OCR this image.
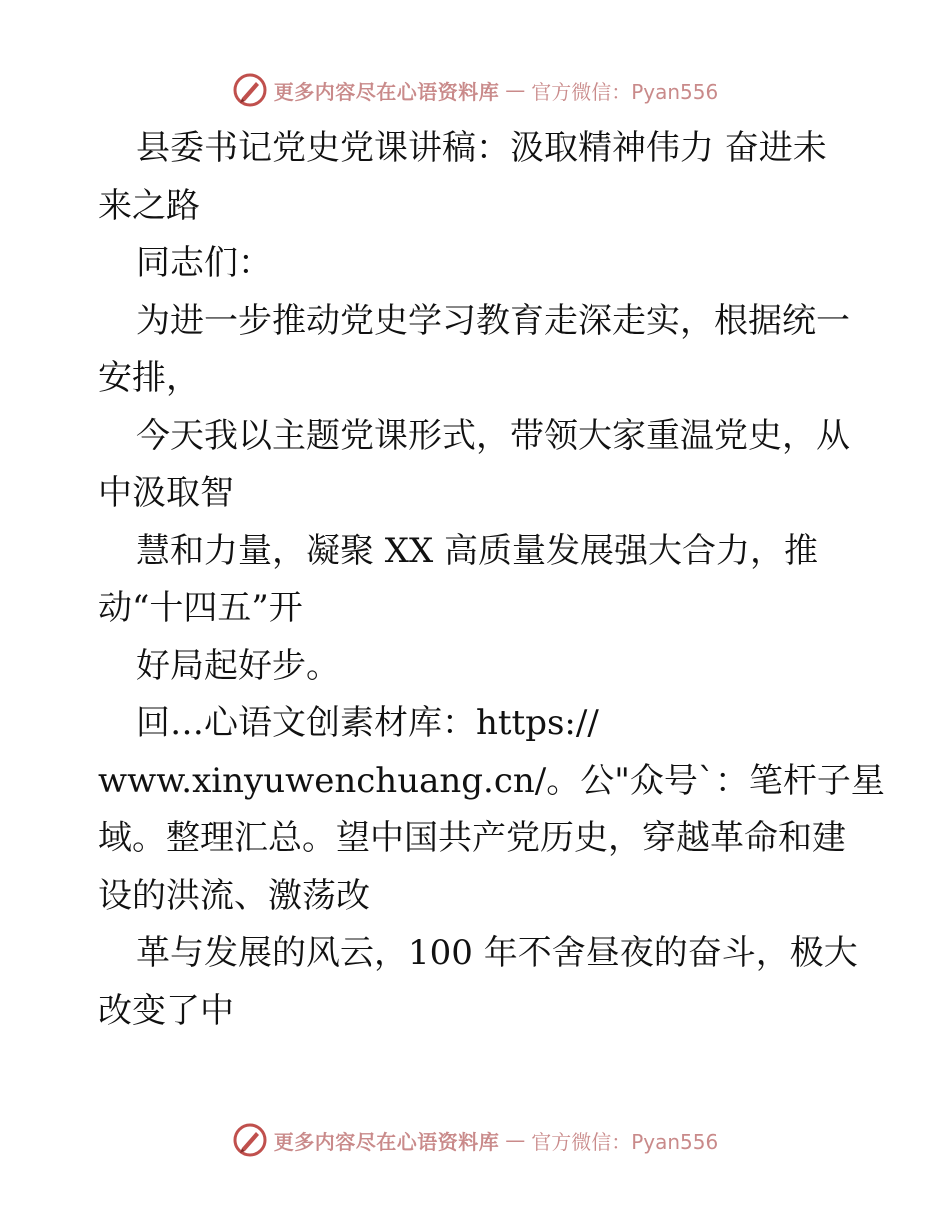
更多内容尽在心语资料库 — 官方微信：Pyan556
县委书记党史党课讲稿：汲取精神伟力 奋进未
来之路
同志们：
为进一步推动党史学习教育走深走实，根据统一
安排，
今天我以主题党课形式，带领大家重温党史，从
中汲取智
慧和力量，凝聚 XX 高质量发展强大合力，推
动“十四五”开
好局起好步。
回…心语文创素材库：https://
www.xinyuwenchuang.cn/。公"众号`：笔杆子星
域。整理汇总。望中国共产党历史，穿越革命和建
设的洪流、激荡改
革与发展的风云，100 年不舍昼夜的奋斗，极大
改变了中
更多内容尽在心语资料库 — 官方微信：Pyan556
